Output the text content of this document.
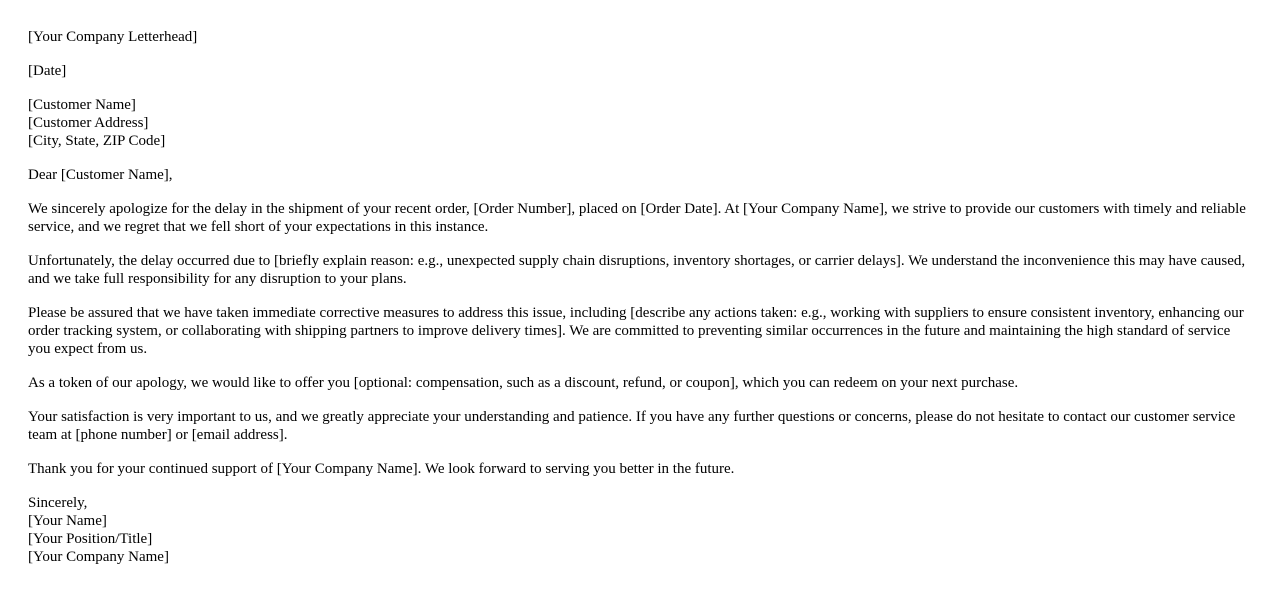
[Your Company Letterhead]
[Date]
[Customer Name]
[Customer Address]
[City, State, ZIP Code]
Dear [Customer Name],

We sincerely apologize for the delay in the shipment of your recent order, [Order Number], placed on [Order Date]. At [Your Company Name], we strive to provide our customers with timely and reliable service, and we regret that we fell short of your expectations in this instance.

Unfortunately, the delay occurred due to [briefly explain reason: e.g., unexpected supply chain disruptions, inventory shortages, or carrier delays]. We understand the inconvenience this may have caused, and we take full responsibility for any disruption to your plans.

Please be assured that we have taken immediate corrective measures to address this issue, including [describe any actions taken: e.g., working with suppliers to ensure consistent inventory, enhancing our order tracking system, or collaborating with shipping partners to improve delivery times]. We are committed to preventing similar occurrences in the future and maintaining the high standard of service you expect from us.

As a token of our apology, we would like to offer you [optional: compensation, such as a discount, refund, or coupon], which you can redeem on your next purchase.

Your satisfaction is very important to us, and we greatly appreciate your understanding and patience. If you have any further questions or concerns, please do not hesitate to contact our customer service team at [phone number] or [email address].

Thank you for your continued support of [Your Company Name]. We look forward to serving you better in the future.

Sincerely,
[Your Name]
[Your Position/Title]
[Your Company Name]
